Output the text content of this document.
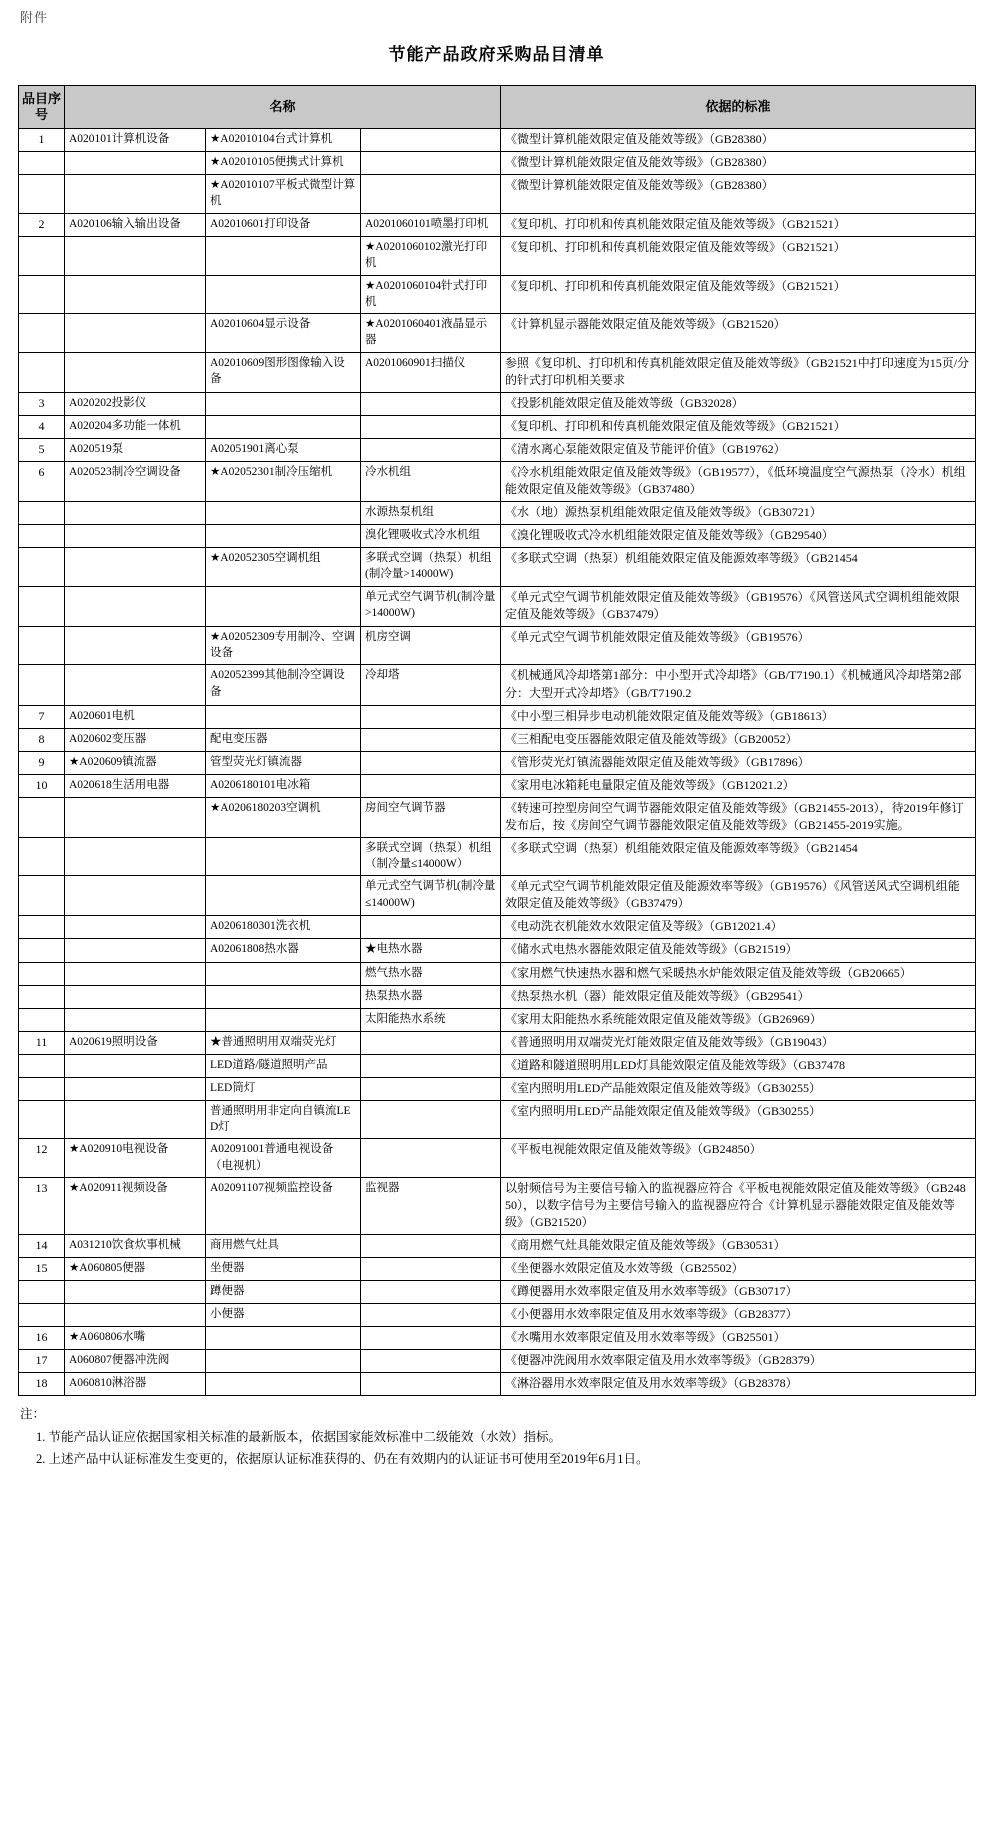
附件
节能产品政府采购品目清单
品目序号	名称			依据的标准
1	A020101计算机设备	★A02010104台式计算机		《微型计算机能效限定值及能效等级》（GB28380）
		★A02010105便携式计算机		《微型计算机能效限定值及能效等级》（GB28380）
		★A02010107平板式微型计算机		《微型计算机能效限定值及能效等级》（GB28380）
2	A020106输入输出设备	A02010601打印设备	A0201060101喷墨打印机	《复印机、打印机和传真机能效限定值及能效等级》（GB21521）
			★A0201060102激光打印机	《复印机、打印机和传真机能效限定值及能效等级》（GB21521）
			★A0201060104针式打印机	《复印机、打印机和传真机能效限定值及能效等级》（GB21521）
		A02010604显示设备	★A0201060401液晶显示器	《计算机显示器能效限定值及能效等级》（GB21520）
		A02010609图形图像输入设备	A0201060901扫描仪	参照《复印机、打印机和传真机能效限定值及能效等级》（GB21521中打印速度为15页/分的针式打印机相关要求
3	A020202投影仪			《投影机能效限定值及能效等级（GB32028）
4	A020204多功能一体机			《复印机、打印机和传真机能效限定值及能效等级》（GB21521）
5	A020519泵	A02051901离心泵		《清水离心泵能效限定值及节能评价值》（GB19762）
6	A020523制冷空调设备	★A02052301制冷压缩机	冷水机组	《冷水机组能效限定值及能效等级》（GB19577），《低环境温度空气源热泵（冷水）机组能效限定值及能效等级》（GB37480）
			水源热泵机组	《水（地）源热泵机组能效限定值及能效等级》（GB30721）
			溴化锂吸收式冷水机组	《溴化锂吸收式冷水机组能效限定值及能效等级》（GB29540）
		★A02052305空调机组	多联式空调（热泵）机组(制冷量>14000W)	《多联式空调（热泵）机组能效限定值及能源效率等级》（GB21454
			单元式空气调节机(制冷量>14000W)	《单元式空气调节机能效限定值及能效等级》（GB19576）《风管送风式空调机组能效限定值及能效等级》（GB37479）
		★A02052309专用制冷、空调设备	机房空调	《单元式空气调节机能效限定值及能效等级》（GB19576）
		A02052399其他制冷空调设备	冷却塔	《机械通风冷却塔第1部分：中小型开式冷却塔》（GB/T7190.1）《机械通风冷却塔第2部分：大型开式冷却塔》（GB/T7190.2
7	A020601电机			《中小型三相异步电动机能效限定值及能效等级》（GB18613）
8	A020602变压器	配电变压器		《三相配电变压器能效限定值及能效等级》（GB20052）
9	★A020609镇流器	管型荧光灯镇流器		《管形荧光灯镇流器能效限定值及能效等级》（GB17896）
10	A020618生活用电器	A0206180101电冰箱		《家用电冰箱耗电量限定值及能效等级》（GB12021.2）
		★A0206180203空调机	房间空气调节器	《转速可控型房间空气调节器能效限定值及能效等级》（GB21455-2013），待2019年修订发布后，按《房间空气调节器能效限定值及能效等级》（GB21455-2019实施。
			多联式空调（热泵）机组（制冷量≤14000W）	《多联式空调（热泵）机组能效限定值及能源效率等级》（GB21454
			单元式空气调节机(制冷量≤14000W)	《单元式空气调节机能效限定值及能源效率等级》（GB19576）《风管送风式空调机组能效限定值及能效等级》（GB37479）
		A0206180301洗衣机		《电动洗衣机能效水效限定值及等级》（GB12021.4）
		A02061808热水器	★电热水器	《储水式电热水器能效限定值及能效等级》（GB21519）
			燃气热水器	《家用燃气快速热水器和燃气采暖热水炉能效限定值及能效等级（GB20665）
			热泵热水器	《热泵热水机（器）能效限定值及能效等级》（GB29541）
			太阳能热水系统	《家用太阳能热水系统能效限定值及能效等级》（GB26969）
11	A020619照明设备	★普通照明用双端荧光灯		《普通照明用双端荧光灯能效限定值及能效等级》（GB19043）
		LED道路/隧道照明产品		《道路和隧道照明用LED灯具能效限定值及能效等级》（GB37478
		LED筒灯		《室内照明用LED产品能效限定值及能效等级》（GB30255）
		普通照明用非定向自镇流LED灯		《室内照明用LED产品能效限定值及能效等级》（GB30255）
12	★A020910电视设备	A02091001普通电视设备（电视机）		《平板电视能效限定值及能效等级》（GB24850）
13	★A020911视频设备	A02091107视频监控设备	监视器	以射频信号为主要信号输入的监视器应符合《平板电视能效限定值及能效等级》（GB24850），以数字信号为主要信号输入的监视器应符合《计算机显示器能效限定值及能效等级》（GB21520）
14	A031210饮食炊事机械	商用燃气灶具		《商用燃气灶具能效限定值及能效等级》（GB30531）
15	★A060805便器	坐便器		《坐便器水效限定值及水效等级（GB25502）
		蹲便器		《蹲便器用水效率限定值及用水效率等级》（GB30717）
		小便器		《小便器用水效率限定值及用水效率等级》（GB28377）
16	★A060806水嘴			《水嘴用水效率限定值及用水效率等级》（GB25501）
17	A060807便器冲洗阀			《便器冲洗阀用水效率限定值及用水效率等级》（GB28379）
18	A060810淋浴器			《淋浴器用水效率限定值及用水效率等级》（GB28378）
注：
1. 节能产品认证应依据国家相关标准的最新版本，依据国家能效标准中二级能效（水效）指标。
2. 上述产品中认证标准发生变更的，依据原认证标准获得的、仍在有效期内的认证证书可使用至2019年6月1日。
